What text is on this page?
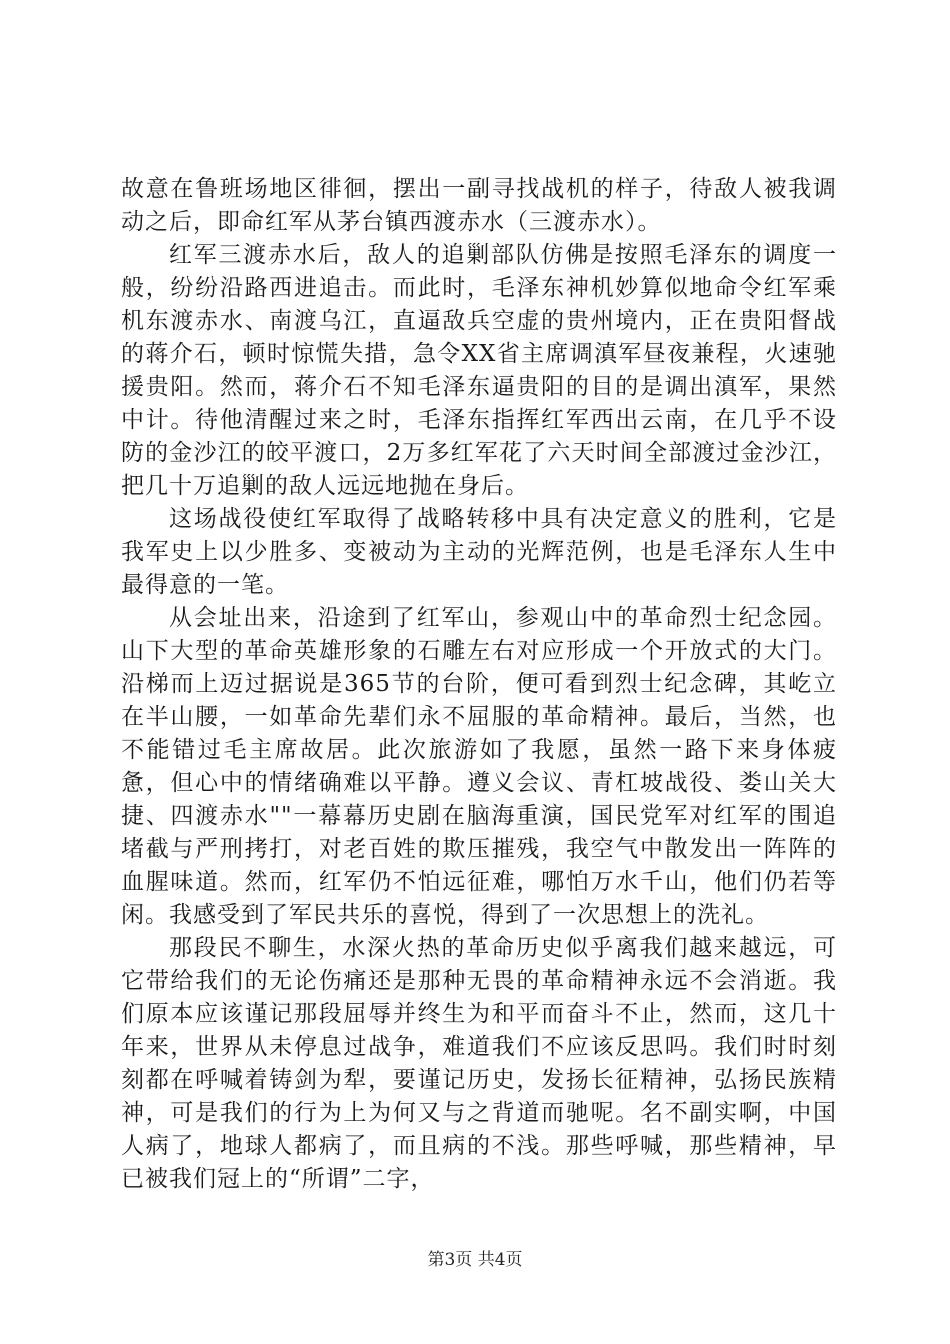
故意在鲁班场地区徘徊，摆出一副寻找战机的样子，待敌人被我调动之后，即命红军从茅台镇西渡赤水（三渡赤水）。

红军三渡赤水后，敌人的追剿部队仿佛是按照毛泽东的调度一般，纷纷沿路西进追击。而此时，毛泽东神机妙算似地命令红军乘机东渡赤水、南渡乌江，直逼敌兵空虚的贵州境内，正在贵阳督战的蒋介石，顿时惊慌失措，急令XX省主席调滇军昼夜兼程，火速驰援贵阳。然而，蒋介石不知毛泽东逼贵阳的目的是调出滇军，果然中计。待他清醒过来之时，毛泽东指挥红军西出云南，在几乎不设防的金沙江的皎平渡口，2万多红军花了六天时间全部渡过金沙江，把几十万追剿的敌人远远地抛在身后。

这场战役使红军取得了战略转移中具有决定意义的胜利，它是我军史上以少胜多、变被动为主动的光辉范例，也是毛泽东人生中最得意的一笔。

从会址出来，沿途到了红军山，参观山中的革命烈士纪念园。山下大型的革命英雄形象的石雕左右对应形成一个开放式的大门。沿梯而上迈过据说是365节的台阶，便可看到烈士纪念碑，其屹立在半山腰，一如革命先辈们永不屈服的革命精神。最后，当然，也不能错过毛主席故居。此次旅游如了我愿，虽然一路下来身体疲惫，但心中的情绪确难以平静。遵义会议、青杠坡战役、娄山关大捷、四渡赤水""一幕幕历史剧在脑海重演，国民党军对红军的围追堵截与严刑拷打，对老百姓的欺压摧残，我空气中散发出一阵阵的血腥味道。然而，红军仍不怕远征难，哪怕万水千山，他们仍若等闲。我感受到了军民共乐的喜悦，得到了一次思想上的洗礼。

那段民不聊生，水深火热的革命历史似乎离我们越来越远，可它带给我们的无论伤痛还是那种无畏的革命精神永远不会消逝。我们原本应该谨记那段屈辱并终生为和平而奋斗不止，然而，这几十年来，世界从未停息过战争，难道我们不应该反思吗。我们时时刻刻都在呼喊着铸剑为犁，要谨记历史，发扬长征精神，弘扬民族精神，可是我们的行为上为何又与之背道而驰呢。名不副实啊，中国人病了，地球人都病了，而且病的不浅。那些呼喊，那些精神，早已被我们冠上的“所谓”二字，

第3页 共4页
